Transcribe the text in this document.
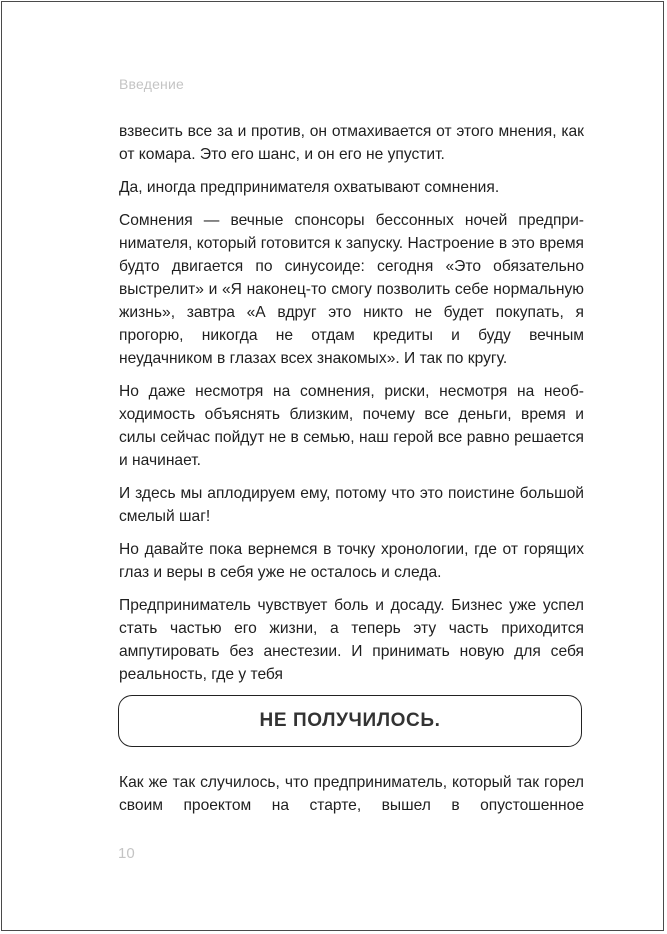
Введение

взвесить все за и против, он отмахивается от этого мнения, как от комара. Это его шанс, и он его не упустит.

Да, иногда предпринимателя охватывают сомнения.

Сомнения — вечные спонсоры бессонных ночей предпринимателя, который готовится к запуску. Настроение в это время будто двигается по синусоиде: сегодня «Это обязательно выстрелит» и «Я наконец-то смогу позволить себе нормальную жизнь», завтра «А вдруг это никто не будет покупать, я прогорю, никогда не отдам кредиты и буду вечным неудачником в глазах всех знакомых». И так по кругу.

Но даже несмотря на сомнения, риски, несмотря на необходимость объяснять близким, почему все деньги, время и силы сейчас пойдут не в семью, наш герой все равно решается и начинает.

И здесь мы аплодируем ему, потому что это поистине большой смелый шаг!

Но давайте пока вернемся в точку хронологии, где от горящих глаз и веры в себя уже не осталось и следа.

Предприниматель чувствует боль и досаду. Бизнес уже успел стать частью его жизни, а теперь эту часть приходится ампутировать без анестезии. И принимать новую для себя реальность, где у тебя

НЕ ПОЛУЧИЛОСЬ.

Как же так случилось, что предприниматель, который так горел своим проектом на старте, вышел в опустошенное

10
